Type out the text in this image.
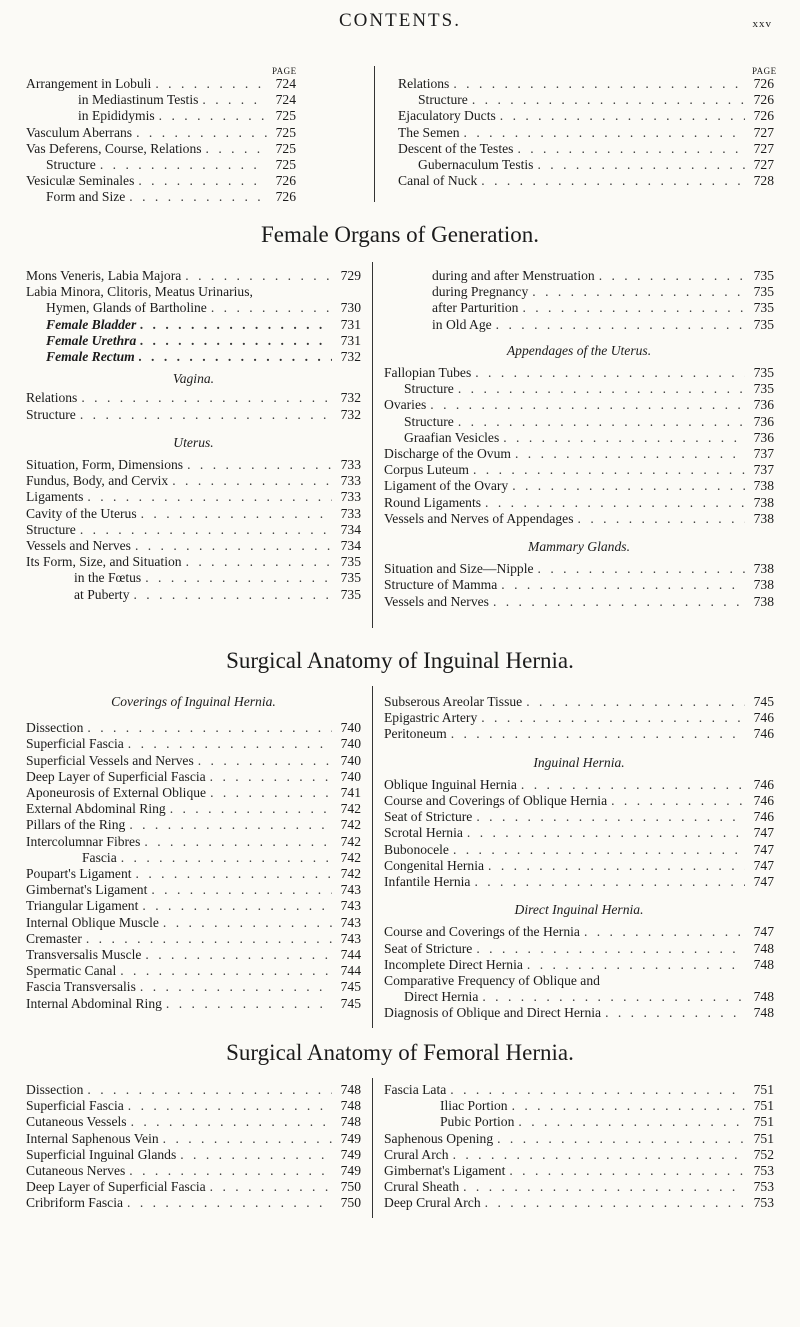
CONTENTS.	xxv
PAGE	PAGE
Arrangement in Lobuli . . .	724
in Mediastinum Testis . . .	724
in Epididymis . . .	725
Vasculum Aberrans . . .	725
Vas Deferens, Course, Relations . . .	725
Structure . . .	725
Vesiculæ Seminales . . .	726
Form and Size . . .	726
Relations . . .	726
Structure . . .	726
Ejaculatory Ducts . . .	726
The Semen . . .	727
Descent of the Testes . . .	727
Gubernaculum Testis . . .	727
Canal of Nuck . . .	728
Female Organs of Generation.
Mons Veneris, Labia Majora . . .	729
Labia Minora, Clitoris, Meatus Urinarius,
Hymen, Glands of Bartholine . . .	730
Female Bladder . . .	731
Female Urethra . . .	731
Female Rectum . . .	732
Vagina.
Relations . . .	732
Structure . . .	732
Uterus.
Situation, Form, Dimensions . . .	733
Fundus, Body, and Cervix . . .	733
Ligaments . . .	733
Cavity of the Uterus . . .	733
Structure . . .	734
Vessels and Nerves . . .	734
Its Form, Size, and Situation . . .	735
in the Fœtus . . .	735
at Puberty . . .	735
during and after Menstruation . . .	735
during Pregnancy . . .	735
after Parturition . . .	735
in Old Age . . .	735
Appendages of the Uterus.
Fallopian Tubes . . .	735
Structure . . .	735
Ovaries . . .	736
Structure . . .	736
Graafian Vesicles . . .	736
Discharge of the Ovum . . .	737
Corpus Luteum . . .	737
Ligament of the Ovary . . .	738
Round Ligaments . . .	738
Vessels and Nerves of Appendages . . .	738
Mammary Glands.
Situation and Size—Nipple . . .	738
Structure of Mamma . . .	738
Vessels and Nerves . . .	738
Surgical Anatomy of Inguinal Hernia.
Coverings of Inguinal Hernia.
Dissection . . .	740
Superficial Fascia . . .	740
Superficial Vessels and Nerves . . .	740
Deep Layer of Superficial Fascia . . .	740
Aponeurosis of External Oblique . . .	741
External Abdominal Ring . . .	742
Pillars of the Ring . . .	742
Intercolumnar Fibres . . .	742
Fascia . . .	742
Poupart's Ligament . . .	742
Gimbernat's Ligament . . .	743
Triangular Ligament . . .	743
Internal Oblique Muscle . . .	743
Cremaster . . .	743
Transversalis Muscle . . .	744
Spermatic Canal . . .	744
Fascia Transversalis . . .	745
Internal Abdominal Ring . . .	745
Subserous Areolar Tissue . . .	745
Epigastric Artery . . .	746
Peritoneum . . .	746
Inguinal Hernia.
Oblique Inguinal Hernia . . .	746
Course and Coverings of Oblique Hernia . . .	746
Seat of Stricture . . .	746
Scrotal Hernia . . .	747
Bubonocele . . .	747
Congenital Hernia . . .	747
Infantile Hernia . . .	747
Direct Inguinal Hernia.
Course and Coverings of the Hernia . . .	747
Seat of Stricture . . .	748
Incomplete Direct Hernia . . .	748
Comparative Frequency of Oblique and
Direct Hernia . . .	748
Diagnosis of Oblique and Direct Hernia . . .	748
Surgical Anatomy of Femoral Hernia.
Dissection . . .	748
Superficial Fascia . . .	748
Cutaneous Vessels . . .	748
Internal Saphenous Vein . . .	749
Superficial Inguinal Glands . . .	749
Cutaneous Nerves . . .	749
Deep Layer of Superficial Fascia . . .	750
Cribriform Fascia . . .	750
Fascia Lata . . .	751
Iliac Portion . . .	751
Pubic Portion . . .	751
Saphenous Opening . . .	751
Crural Arch . . .	752
Gimbernat's Ligament . . .	753
Crural Sheath . . .	753
Deep Crural Arch . . .	753
